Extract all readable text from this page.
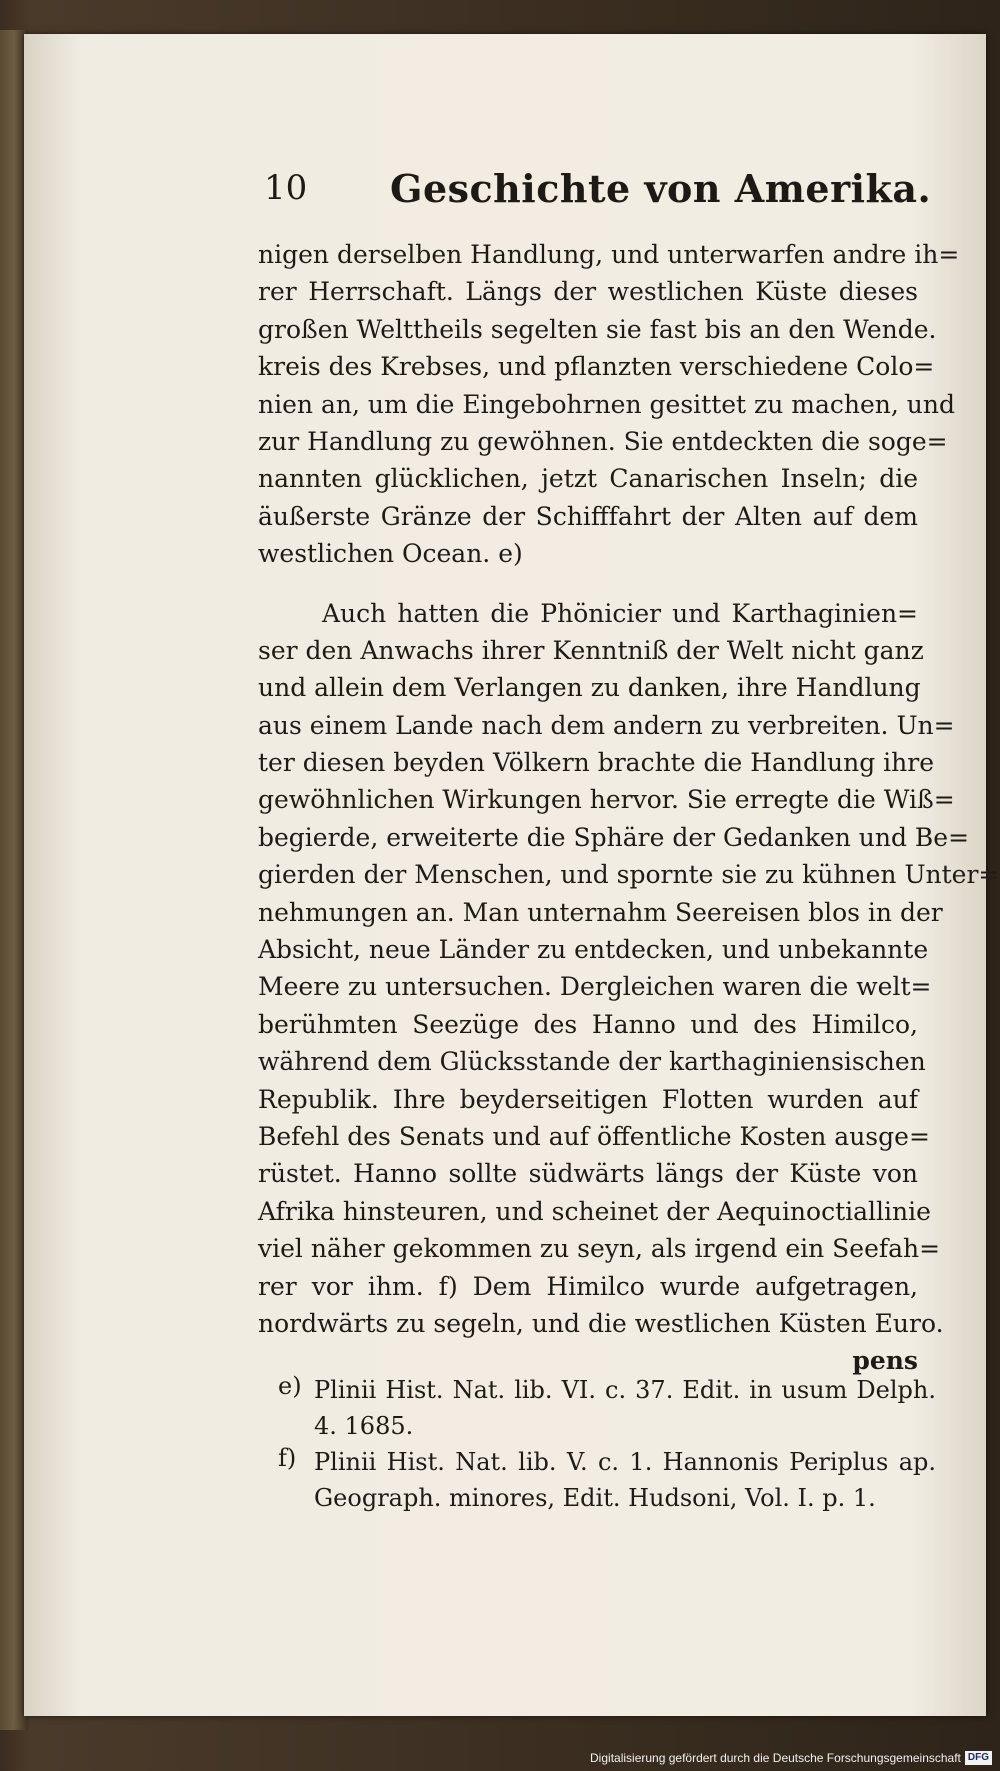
10 Geschichte von Amerika.
nigen derselben Handlung, und unterwarfen andre ih=
rer Herrschaft. Längs der westlichen Küste dieses
großen Welttheils segelten sie fast bis an den Wende.
kreis des Krebses, und pflanzten verschiedene Colo=
nien an, um die Eingebohrnen gesittet zu machen, und
zur Handlung zu gewöhnen. Sie entdeckten die soge=
nannten glücklichen, jetzt Canarischen Inseln; die
äußerste Gränze der Schifffahrt der Alten auf dem
westlichen Ocean. e)
Auch hatten die Phönicier und Karthaginien=
ser den Anwachs ihrer Kenntniß der Welt nicht ganz
und allein dem Verlangen zu danken, ihre Handlung
aus einem Lande nach dem andern zu verbreiten. Un=
ter diesen beyden Völkern brachte die Handlung ihre
gewöhnlichen Wirkungen hervor. Sie erregte die Wiß=
begierde, erweiterte die Sphäre der Gedanken und Be=
gierden der Menschen, und spornte sie zu kühnen Unter=
nehmungen an. Man unternahm Seereisen blos in der
Absicht, neue Länder zu entdecken, und unbekannte
Meere zu untersuchen. Dergleichen waren die welt=
berühmten Seezüge des Hanno und des Himilco,
während dem Glücksstande der karthaginiensischen
Republik. Ihre beyderseitigen Flotten wurden auf
Befehl des Senats und auf öffentliche Kosten ausge=
rüstet. Hanno sollte südwärts längs der Küste von
Afrika hinsteuren, und scheinet der Aequinoctiallinie
viel näher gekommen zu seyn, als irgend ein Seefah=
rer vor ihm. f) Dem Himilco wurde aufgetragen,
nordwärts zu segeln, und die westlichen Küsten Euro.
pens
e) Plinii Hist. Nat. lib. VI. c. 37. Edit. in usum Delph.
4. 1685.
f) Plinii Hist. Nat. lib. V. c. 1. Hannonis Periplus ap.
Geograph. minores, Edit. Hudsoni, Vol. I. p. 1.
Digitalisierung gefördert durch die Deutsche Forschungsgemeinschaft DFG
